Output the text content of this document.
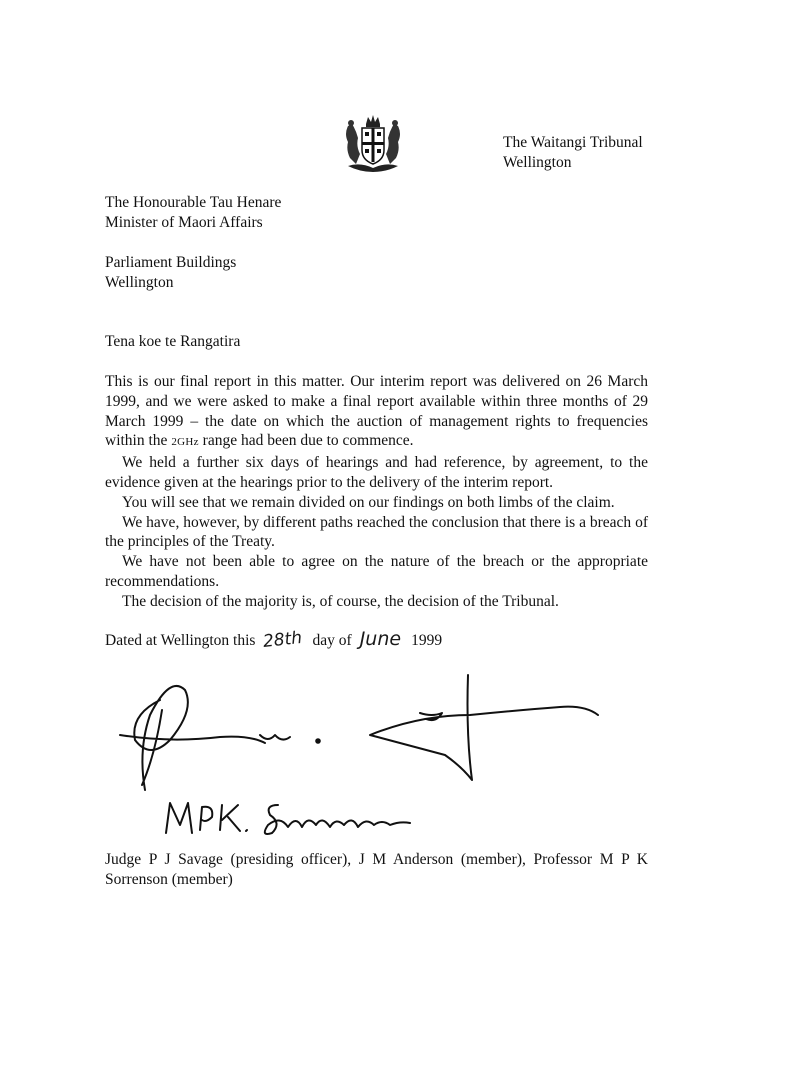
The Waitangi Tribunal
Wellington
The Honourable Tau Henare
Minister of Maori Affairs
Parliament Buildings
Wellington
Tena koe te Rangatira

This is our final report in this matter. Our interim report was delivered on 26 March 1999, and we were asked to make a final report available within three months of 29 March 1999 – the date on which the auction of management rights to frequencies within the 2GHz range had been due to commence.

We held a further six days of hearings and had reference, by agreement, to the evidence given at the hearings prior to the delivery of the interim report.

You will see that we remain divided on our findings on both limbs of the claim.

We have, however, by different paths reached the conclusion that there is a breach of the principles of the Treaty.

We have not been able to agree on the nature of the breach or the appropriate recommendations.

The decision of the majority is, of course, the decision of the Tribunal.

Dated at Wellington this 28th day of June 1999
Judge P J Savage (presiding officer), J M Anderson (member), Professor M P K Sorrenson (member)
